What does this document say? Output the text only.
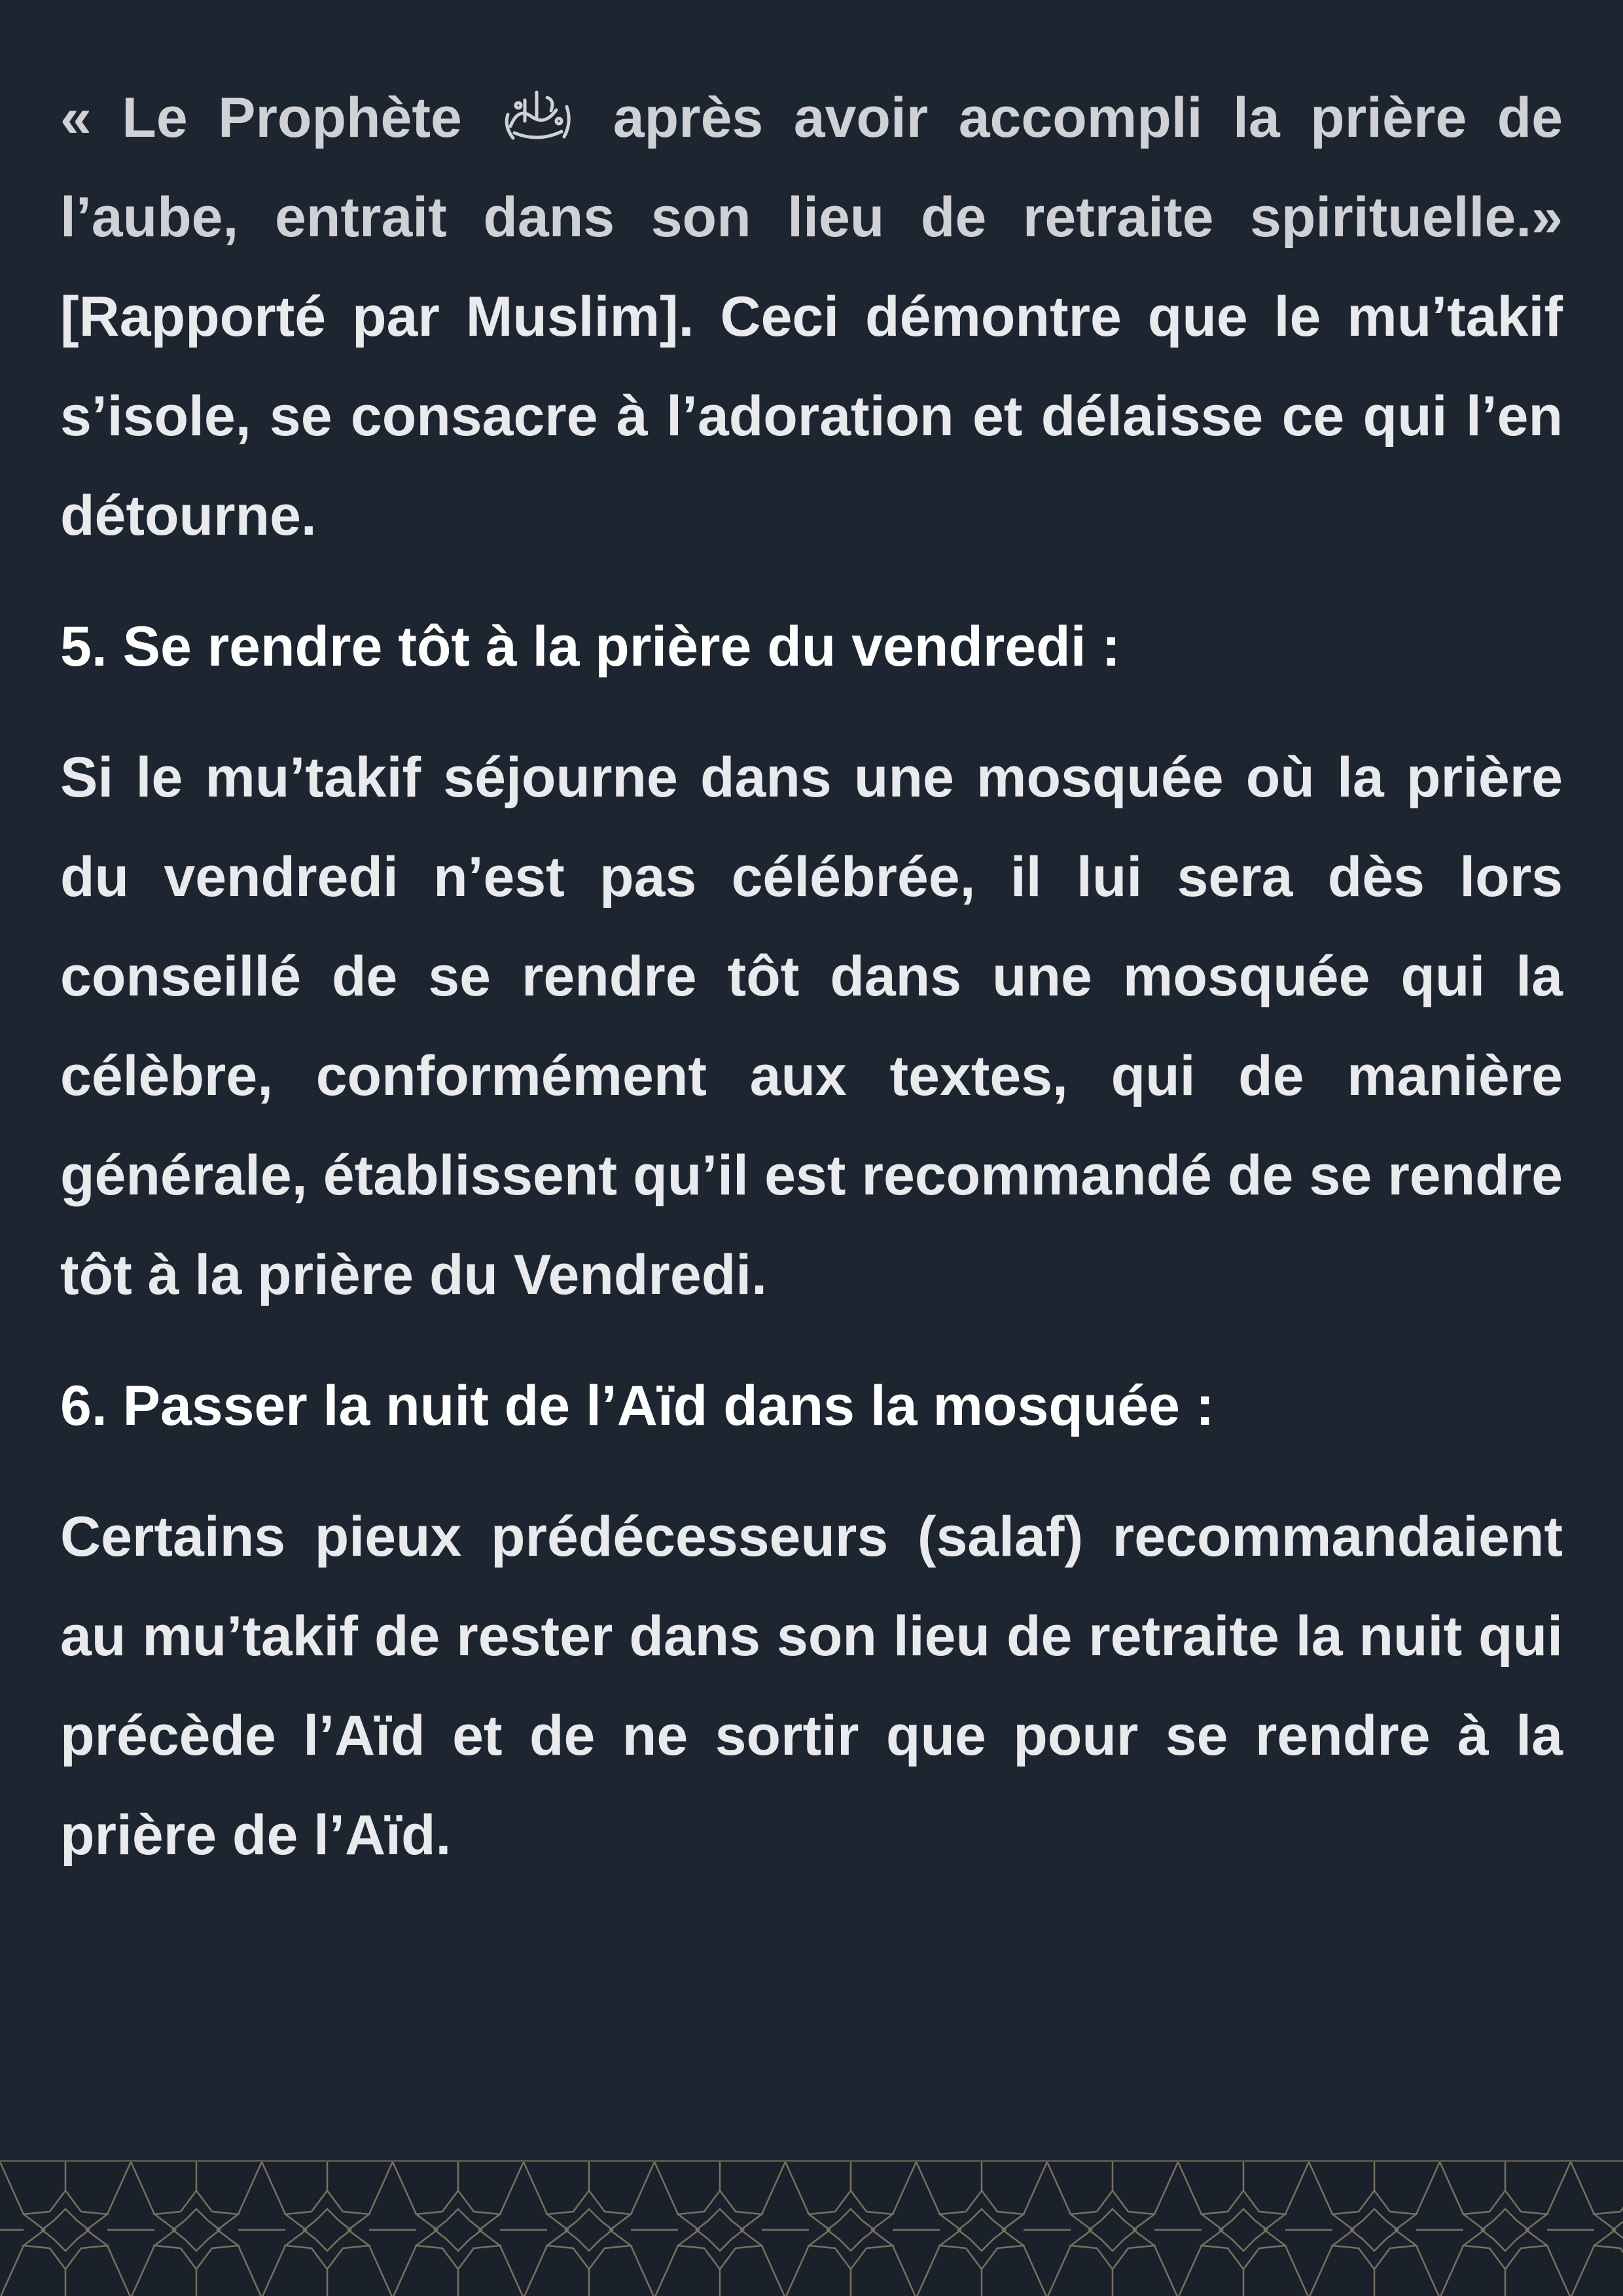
« Le Prophète	après avoir accompli la prière de l’aube, entrait dans son lieu de retraite spirituelle.» [Rapporté par Muslim]. Ceci démontre que le mu’takif s’isole, se consacre à l’adoration et délaisse ce qui l’en détourne.

5. Se rendre tôt à la prière du vendredi :

Si le mu’takif séjourne dans une mosquée où la prière du vendredi n’est pas célébrée, il lui sera dès lors conseillé de se rendre tôt dans une mosquée qui la célèbre, conformément aux textes, qui de manière générale, établissent qu’il est recommandé de se rendre tôt à la prière du Vendredi.

6. Passer la nuit de l’Aïd dans la mosquée :

Certains pieux prédécesseurs (salaf) recommandaient au mu’takif de rester dans son lieu de retraite la nuit qui précède l’Aïd et de ne sortir que pour se rendre à la prière de l’Aïd.
